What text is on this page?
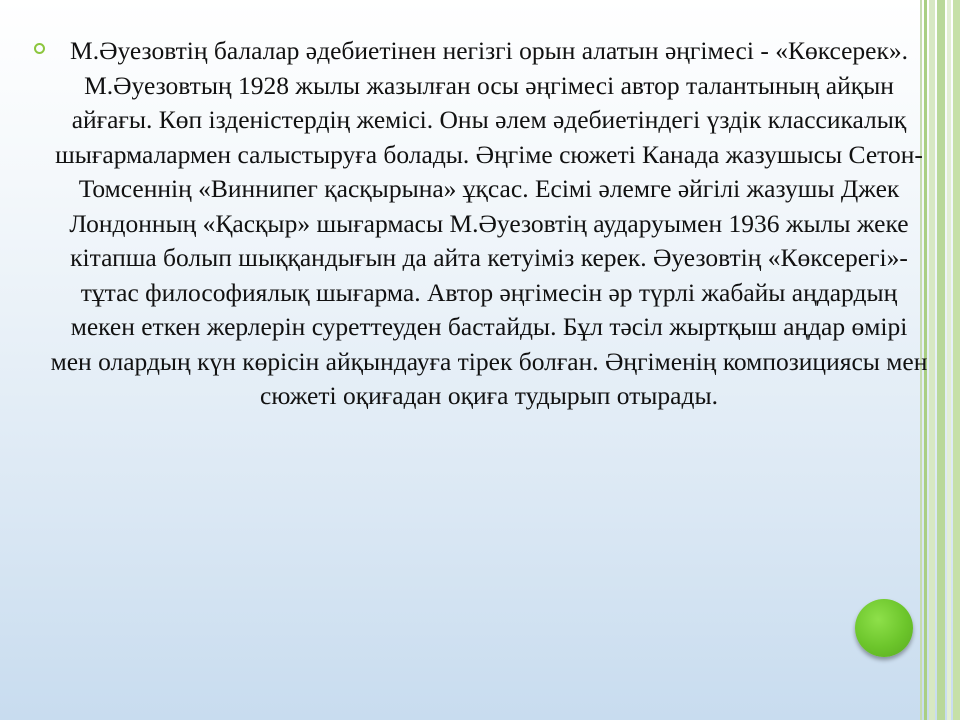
М.Әуезовтің балалар әдебиетінен негізгі орын алатын әңгімесі - «Көксерек». М.Әуезовтың 1928 жылы жазылған осы әңгімесі автор талантының айқын айғағы. Көп ізденістердің жемісі. Оны әлем әдебиетіндегі үздік классикалық шығармалармен салыстыруға болады. Әңгіме сюжеті Канада жазушысы Сетон-Томсеннің «Виннипег қасқырына» ұқсас. Есімі әлемге әйгілі жазушы Джек Лондонның «Қасқыр» шығармасы М.Әуезовтің аударуымен 1936 жылы жеке кітапша болып шыққандығын да айта кетуіміз керек. Әуезовтің «Көксерегі»- тұтас философиялық шығарма. Автор әңгімесін әр түрлі жабайы аңдардың мекен еткен жерлерін суреттеуден бастайды. Бұл тәсіл жыртқыш аңдар өмірі мен олардың күн көрісін айқындауға тірек болған. Әңгіменің композициясы мен сюжеті оқиғадан оқиға тудырып отырады.
